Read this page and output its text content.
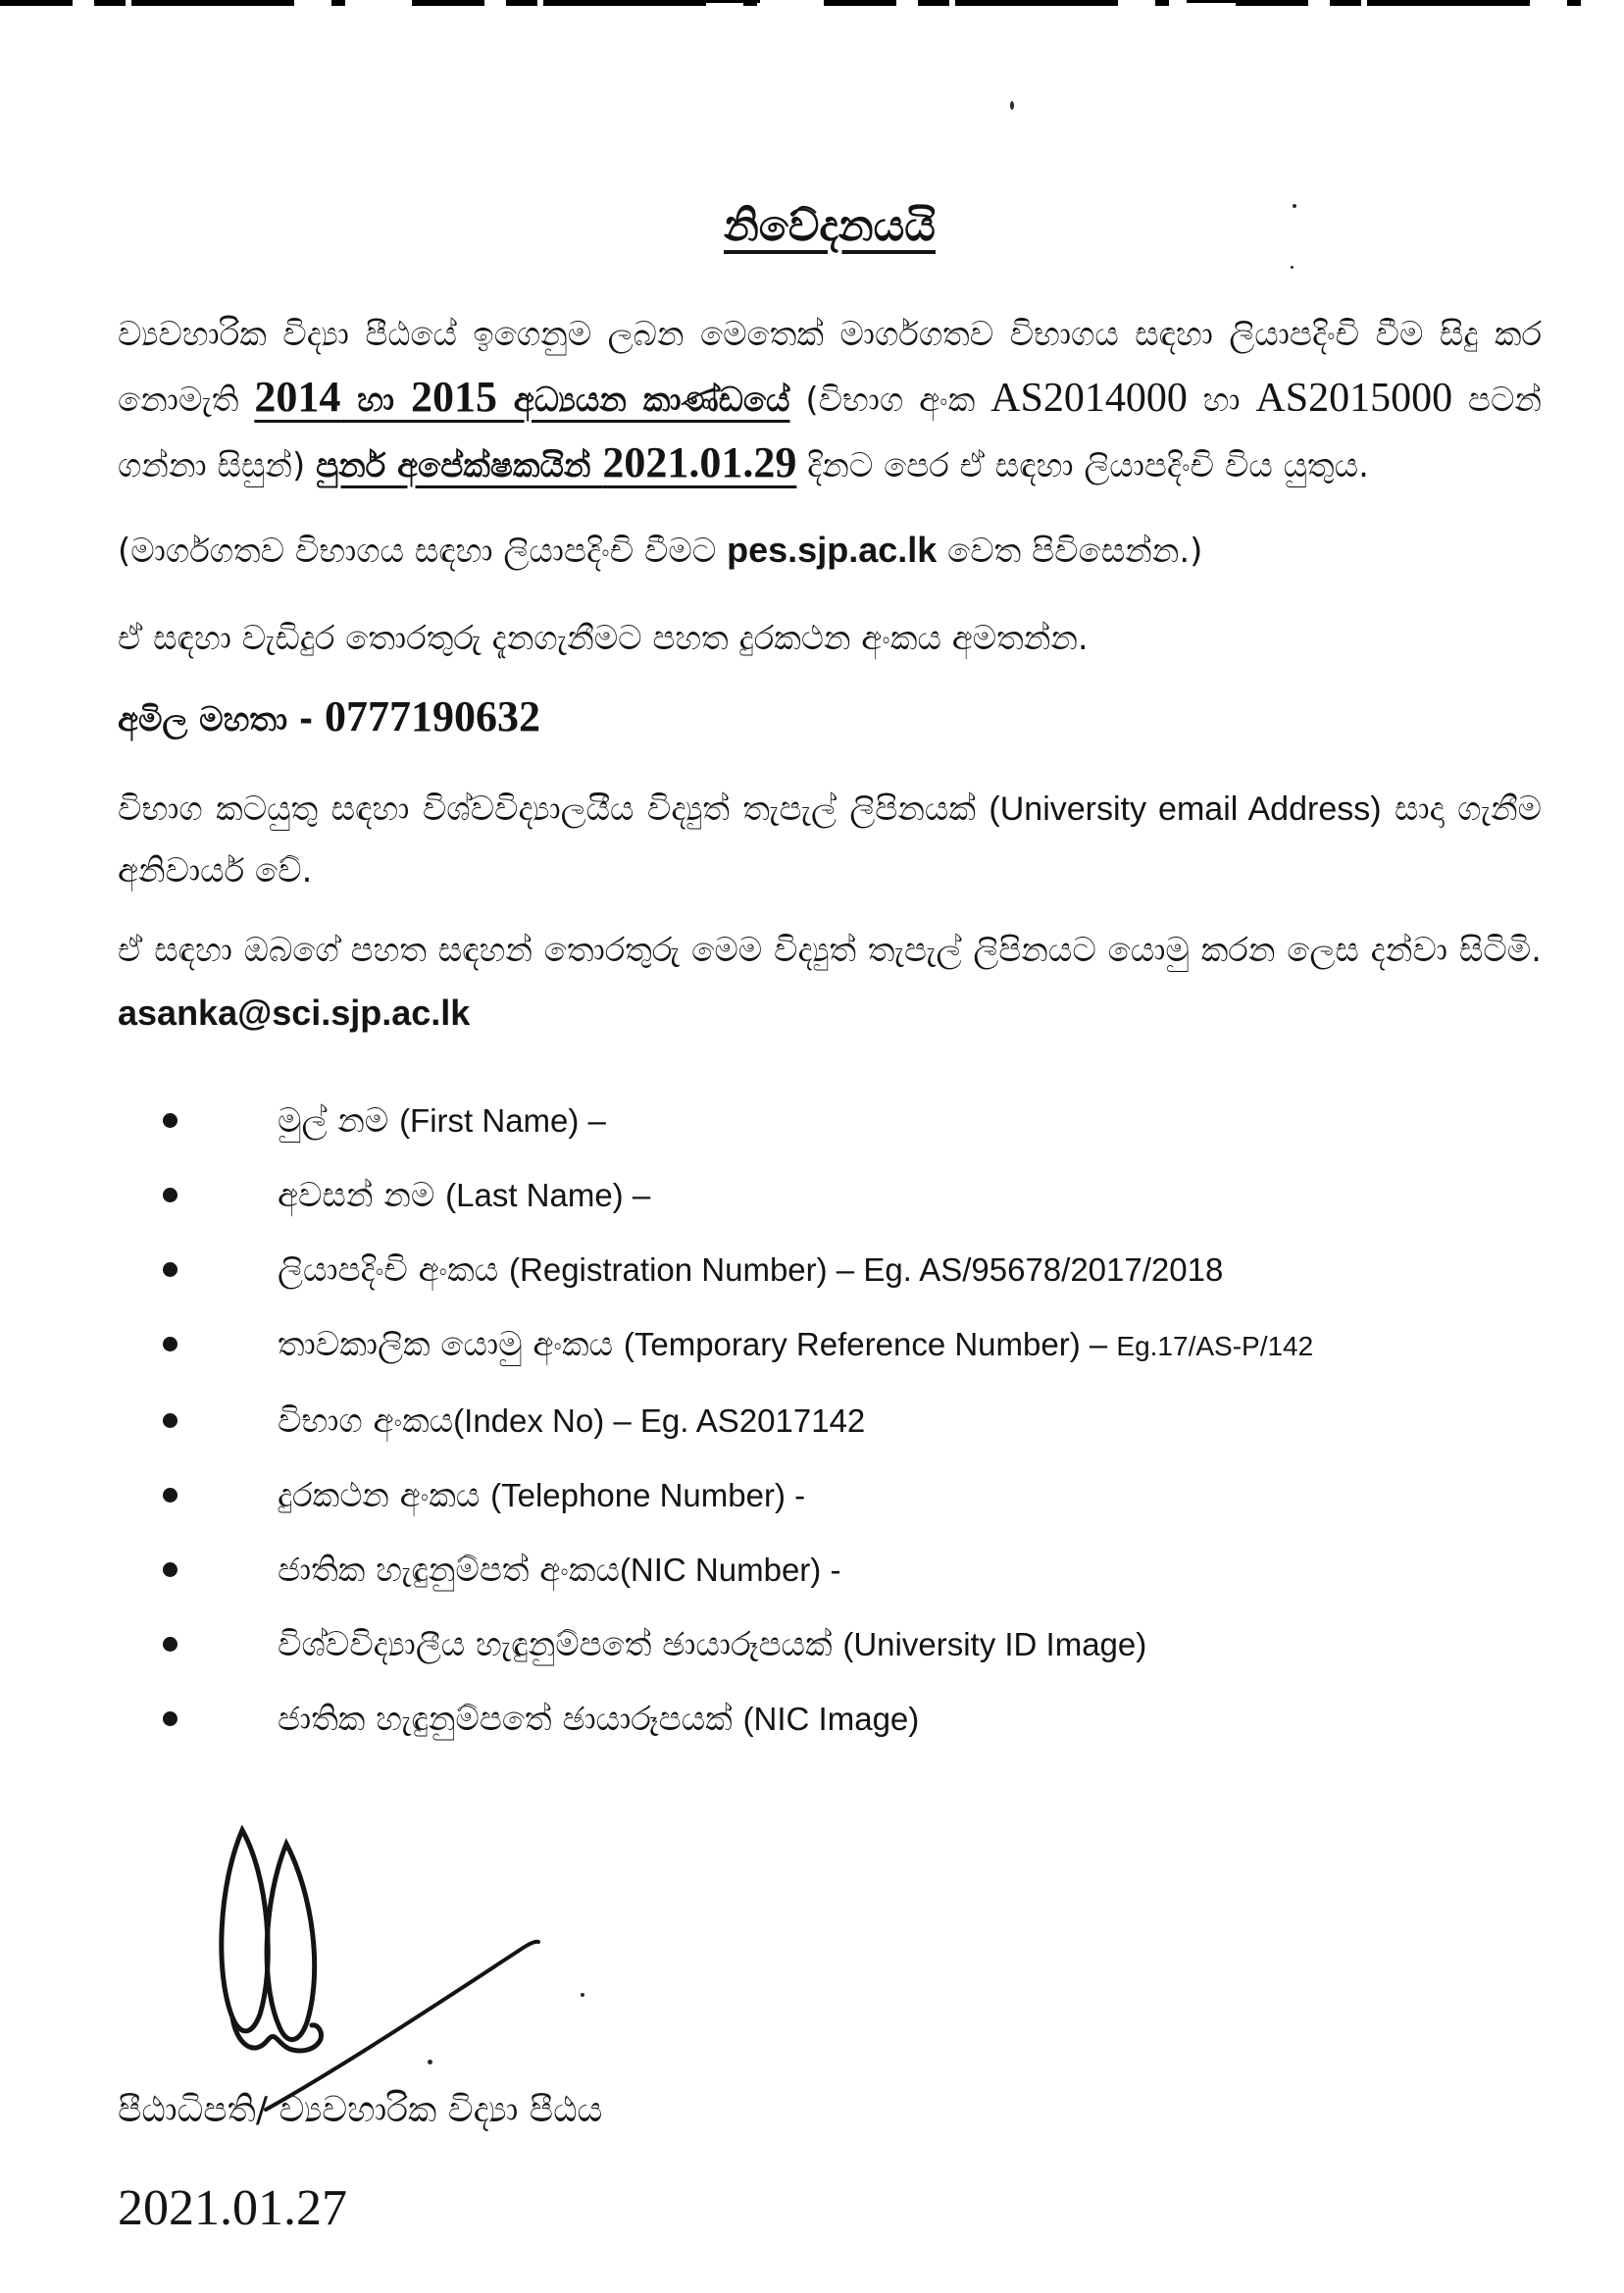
නිවේදනයයි

ව්‍යවහාරික විද්‍යා පීඨයේ ඉගෙනුම ලබන මෙතෙක් මාර්ගගතව විභාගය සඳහා ලියාපදිංචි වීම සිදු කර නොමැති 2014 හා 2015 අධ්‍යයන කාණ්ඩයේ (විභාග අංක AS2014000 හා AS2015000 පටන් ගන්නා සිසුන්) පුනර් අපේක්ෂකයින් 2021.01.29 දිනට පෙර ඒ සඳහා ලියාපදිංචි විය යුතුය.

(මාර්ගගතව විභාගය සඳහා ලියාපදිංචි වීමට pes.sjp.ac.lk වෙත පිවිසෙන්න.)

ඒ සඳහා වැඩිදුර තොරතුරු දැනගැනීමට පහත දුරකථන අංකය අමතන්න.

අමිල මහතා - 0777190632

විභාග කටයුතු සඳහා විශ්වවිද්‍යාලයීය විද්‍යුත් තැපැල් ලිපිනයක් (University email Address) සාදා ගැනීම අනිවාර්ය වේ.

ඒ සඳහා ඔබගේ පහත සඳහන් තොරතුරු මෙම විද්‍යුත් තැපැල් ලිපිනයට යොමු කරන ලෙස දන්වා සිටිමි. asanka@sci.sjp.ac.lk

මුල් නම (First Name) –
අවසන් නම (Last Name) –
ලියාපදිංචි අංකය (Registration Number) – Eg. AS/95678/2017/2018
තාවකාලික යොමු අංකය (Temporary Reference Number) – Eg.17/AS-P/142
විභාග අංකය(Index No) – Eg. AS2017142
දුරකථන අංකය (Telephone Number) -
ජාතික හැඳුනුම්පත් අංකය(NIC Number) -
විශ්වවිද්‍යාලීය හැඳුනුම්පතේ ඡායාරූපයක් (University ID Image)
ජාතික හැඳුනුම්පතේ ඡායාරූපයක් (NIC Image)
පීඨාධිපති/ ව්‍යවහාරික විද්‍යා පීඨය
2021.01.27
